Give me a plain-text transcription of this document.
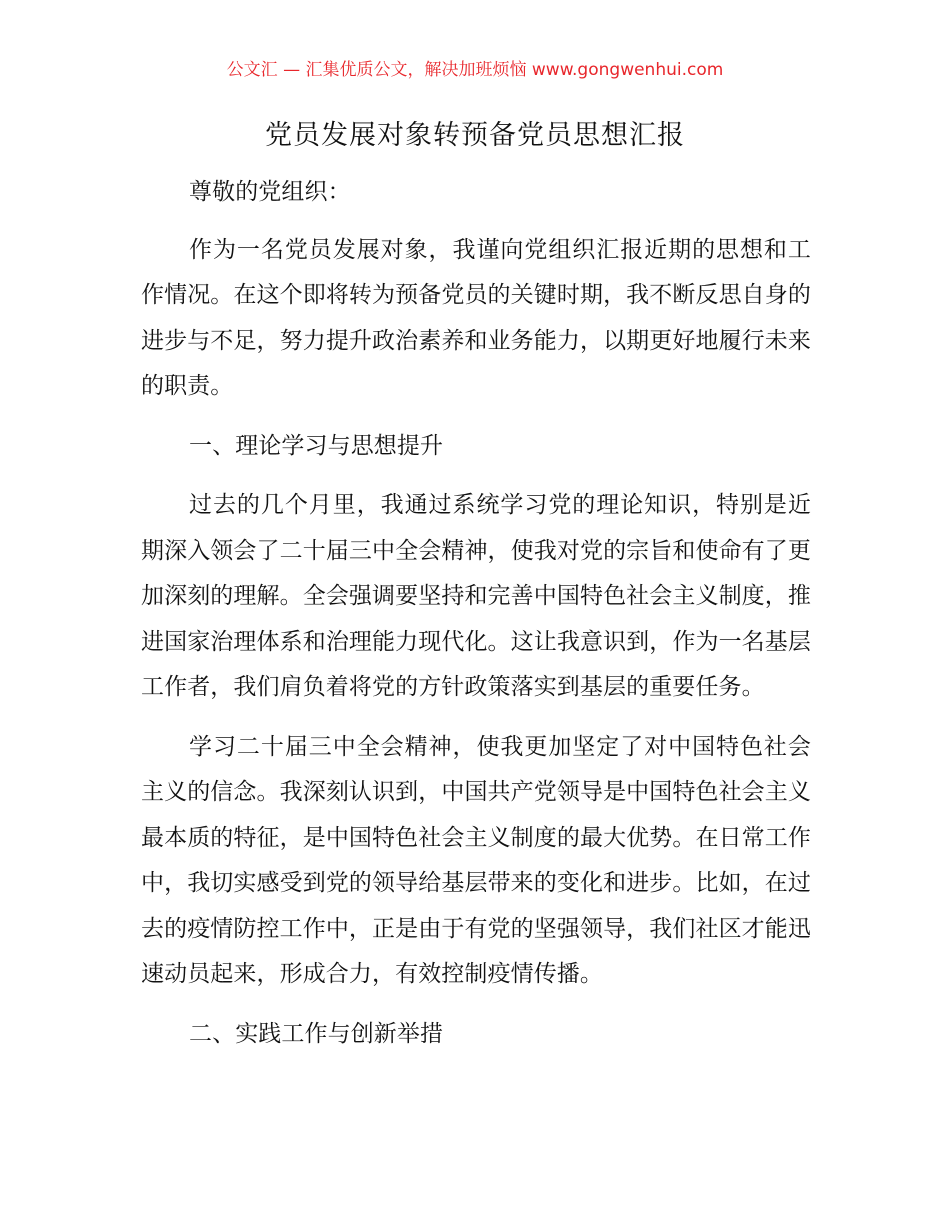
公文汇 — 汇集优质公文，解决加班烦恼 www.gongwenhui.com
党员发展对象转预备党员思想汇报

尊敬的党组织：

作为一名党员发展对象，我谨向党组织汇报近期的思想和工作情况。在这个即将转为预备党员的关键时期，我不断反思自身的进步与不足，努力提升政治素养和业务能力，以期更好地履行未来的职责。

一、理论学习与思想提升

过去的几个月里，我通过系统学习党的理论知识，特别是近期深入领会了二十届三中全会精神，使我对党的宗旨和使命有了更加深刻的理解。全会强调要坚持和完善中国特色社会主义制度，推进国家治理体系和治理能力现代化。这让我意识到，作为一名基层工作者，我们肩负着将党的方针政策落实到基层的重要任务。

学习二十届三中全会精神，使我更加坚定了对中国特色社会主义的信念。我深刻认识到，中国共产党领导是中国特色社会主义最本质的特征，是中国特色社会主义制度的最大优势。在日常工作中，我切实感受到党的领导给基层带来的变化和进步。比如，在过去的疫情防控工作中，正是由于有党的坚强领导，我们社区才能迅速动员起来，形成合力，有效控制疫情传播。

二、实践工作与创新举措
